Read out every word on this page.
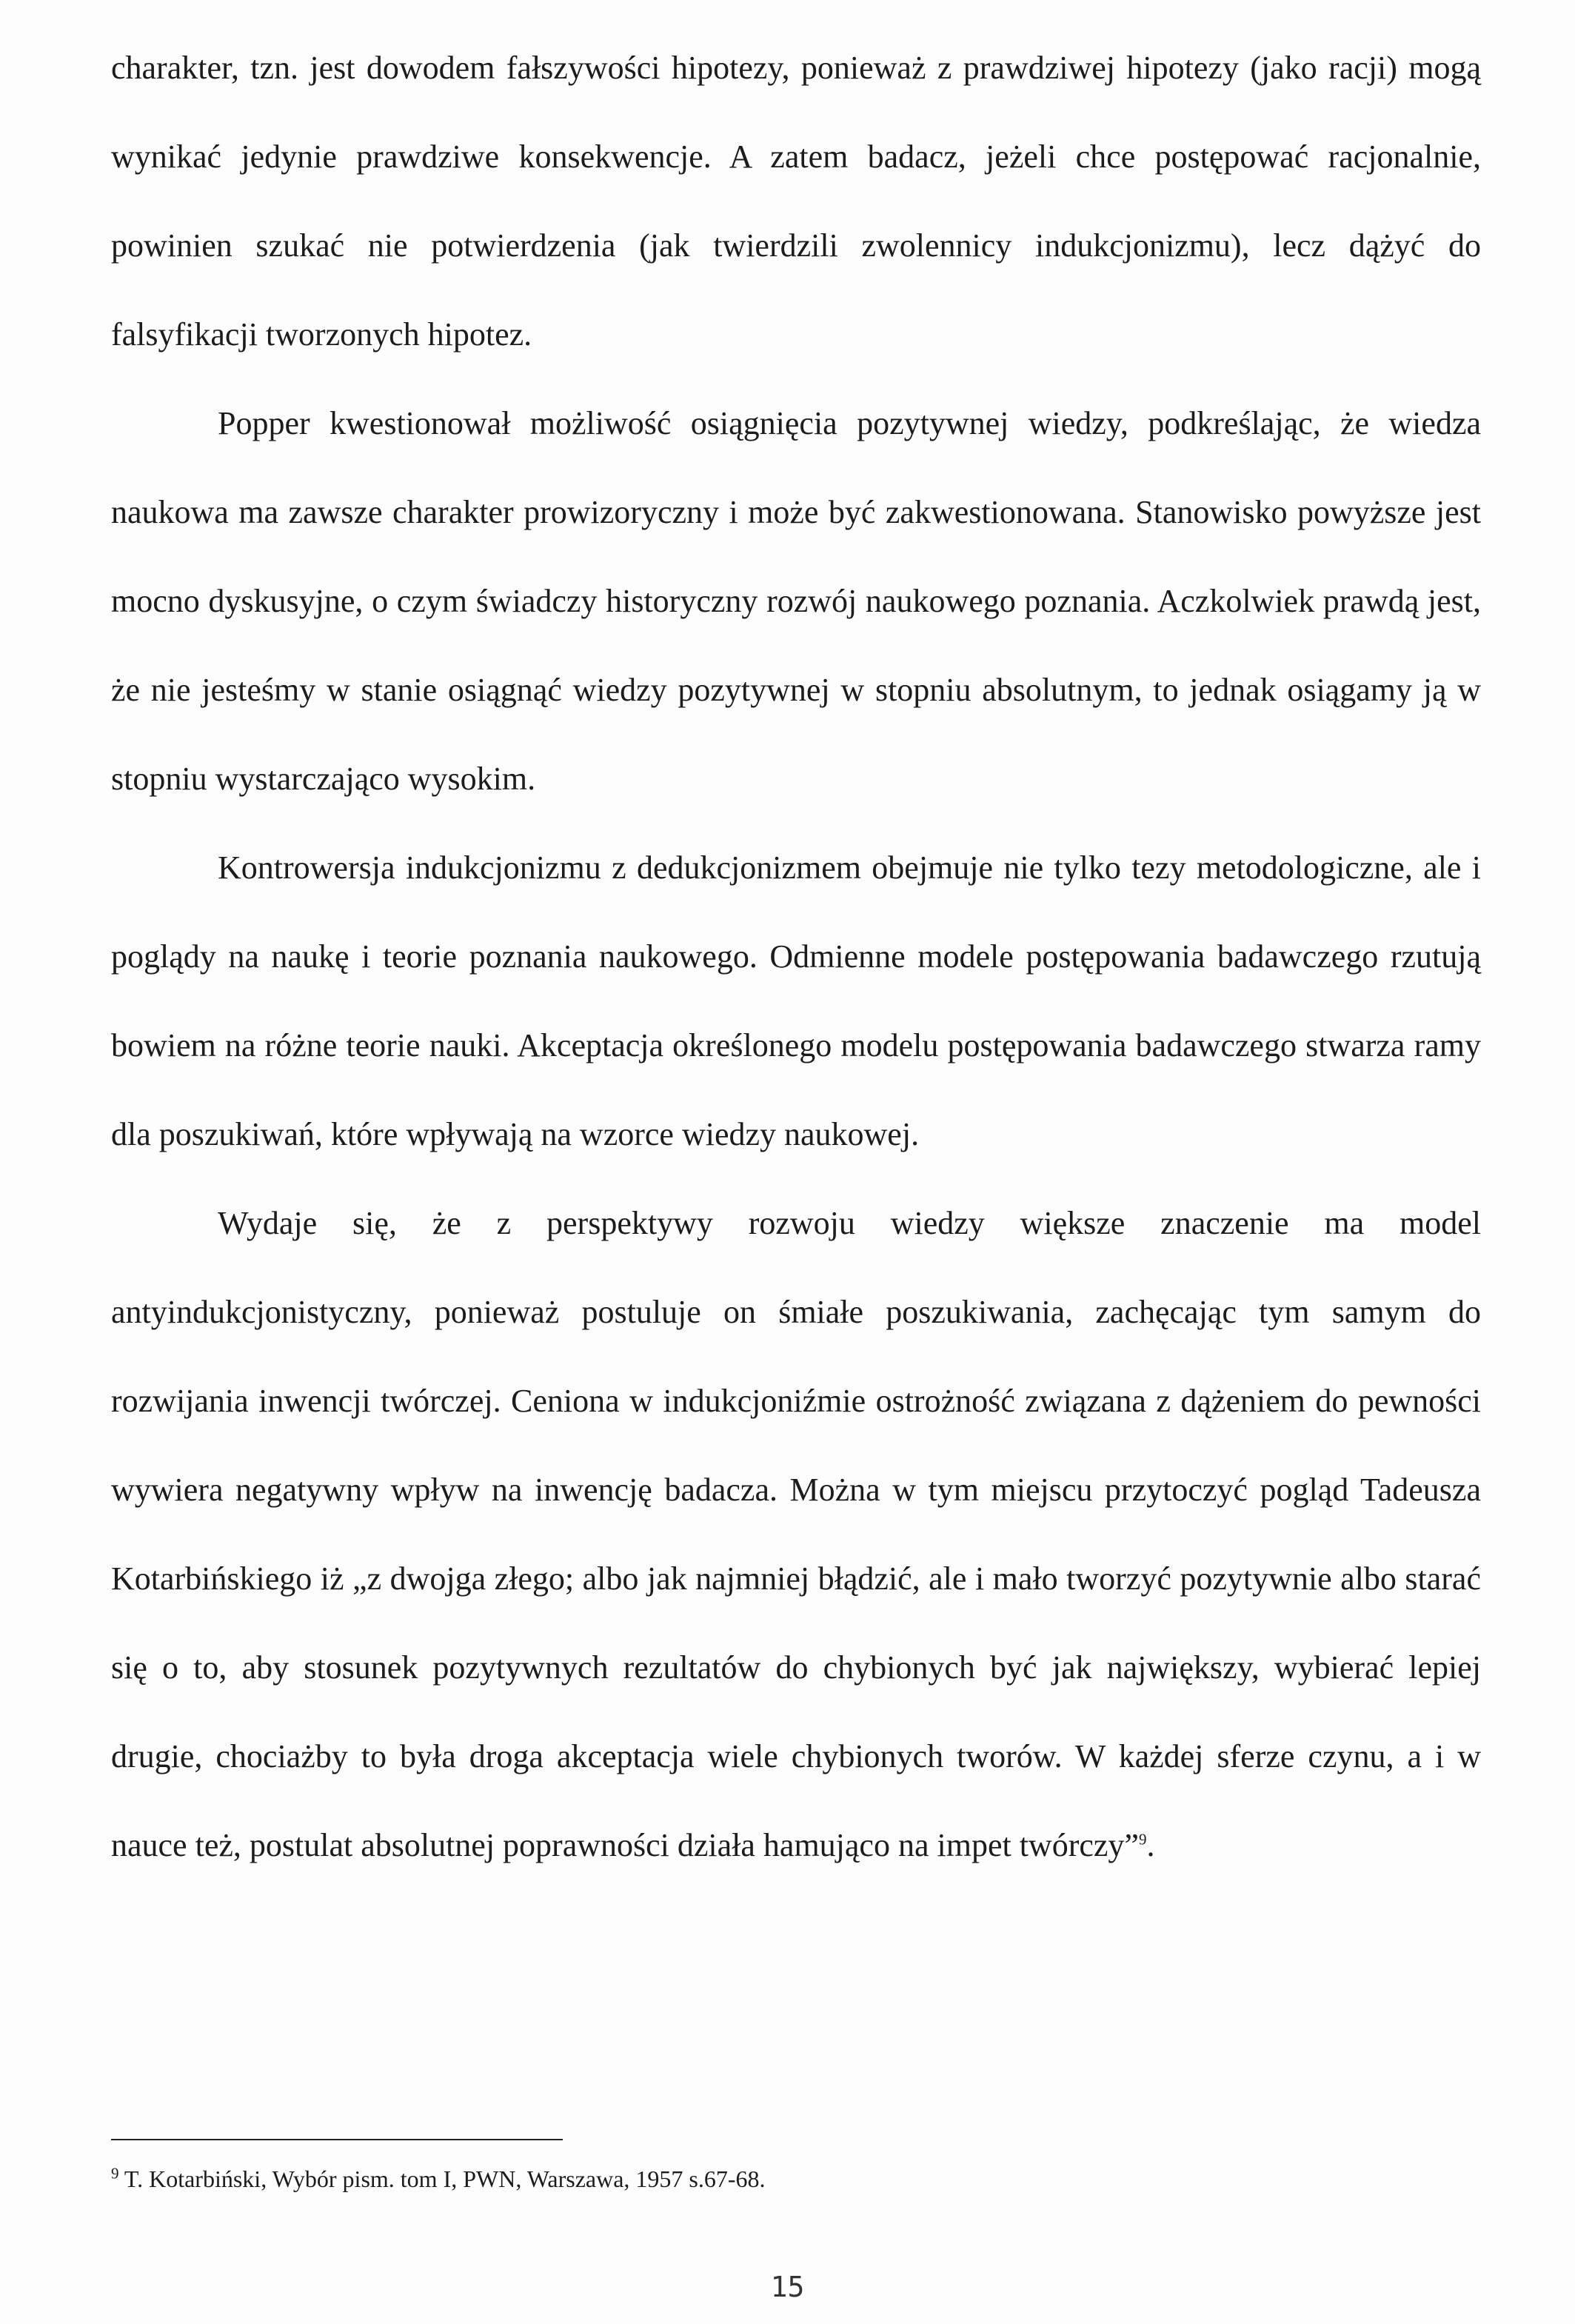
charakter, tzn. jest dowodem fałszywości hipotezy, ponieważ z prawdziwej hipotezy (jako racji) mogą wynikać jedynie prawdziwe konsekwencje. A zatem badacz, jeżeli chce postępować racjonalnie, powinien szukać nie potwierdzenia (jak twierdzili zwolennicy indukcjonizmu), lecz dążyć do falsyfikacji tworzonych hipotez.

Popper kwestionował możliwość osiągnięcia pozytywnej wiedzy, podkreślając, że wiedza naukowa ma zawsze charakter prowizoryczny i może być zakwestionowana. Stanowisko powyższe jest mocno dyskusyjne, o czym świadczy historyczny rozwój naukowego poznania. Aczkolwiek prawdą jest, że nie jesteśmy w stanie osiągnąć wiedzy pozytywnej w stopniu absolutnym, to jednak osiągamy ją w stopniu wystarczająco wysokim.

Kontrowersja indukcjonizmu z dedukcjonizmem obejmuje nie tylko tezy metodologiczne, ale i poglądy na naukę i teorie poznania naukowego. Odmienne modele postępowania badawczego rzutują bowiem na różne teorie nauki. Akceptacja określonego modelu postępowania badawczego stwarza ramy dla poszukiwań, które wpływają na wzorce wiedzy naukowej.

Wydaje się, że z perspektywy rozwoju wiedzy większe znaczenie ma model antyindukcjonistyczny, ponieważ postuluje on śmiałe poszukiwania, zachęcając tym samym do rozwijania inwencji twórczej. Ceniona w indukcjoniźmie ostrożność związana z dążeniem do pewności wywiera negatywny wpływ na inwencję badacza. Można w tym miejscu przytoczyć pogląd Tadeusza Kotarbińskiego iż „z dwojga złego; albo jak najmniej błądzić, ale i mało tworzyć pozytywnie albo starać się o to, aby stosunek pozytywnych rezultatów do chybionych być jak największy, wybierać lepiej drugie, chociażby to była droga akceptacja wiele chybionych tworów. W każdej sferze czynu, a i w nauce też, postulat absolutnej poprawności działa hamująco na impet twórczy”$^9$.

$^9$ T. Kotarbiński, Wybór pism. tom I, PWN, Warszawa, 1957 s.67-68.
15
